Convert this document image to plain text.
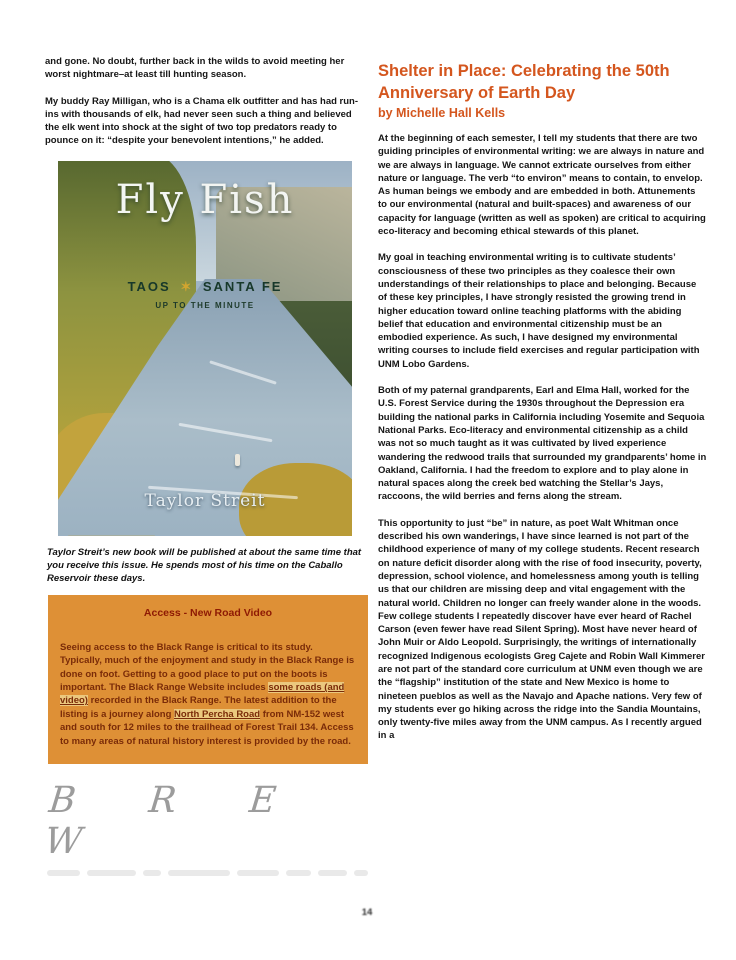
and gone. No doubt, further back in the wilds to avoid meeting her worst nightmare–at least till hunting season.

My buddy Ray Milligan, who is a Chama elk outfitter and has had run-ins with thousands of elk, had never seen such a thing and believed the elk went into shock at the sight of two top predators ready to pounce on it: “despite your benevolent intentions,” he added.

Fly Fish
TAOS ✶ SANTA FE
UP TO THE MINUTE
Taylor Streit

Taylor Streit’s new book will be published at about the same time that you receive this issue. He spends most of his time on the Caballo Reservoir these days.

Access - New Road Video

Seeing access to the Black Range is critical to its study. Typically, much of the enjoyment and study in the Black Range is done on foot. Getting to a good place to put on the boots is important. The Black Range Website includes some roads (and video) recorded in the Black Range. The latest addition to the listing is a journey along North Percha Road from NM-152 west and south for 12 miles to the trailhead of Forest Trail 134. Access to many areas of natural history interest is provided by the road.

B R E W
Shelter in Place: Celebrating the 50th Anniversary of Earth Day
by Michelle Hall Kells

At the beginning of each semester, I tell my students that there are two guiding principles of environmental writing: we are always in nature and we are always in language. We cannot extricate ourselves from either nature or language. The verb “to environ” means to contain, to envelop. As human beings we embody and are embedded in both. Attunements to our environmental (natural and built-spaces) and awareness of our capacity for language (written as well as spoken) are critical to acquiring eco-literacy and becoming ethical stewards of this planet.

My goal in teaching environmental writing is to cultivate students’ consciousness of these two principles as they coalesce their own understandings of their relationships to place and belonging. Because of these key principles, I have strongly resisted the growing trend in higher education toward online teaching platforms with the abiding belief that education and environmental citizenship must be an embodied experience. As such, I have designed my environmental writing courses to include field exercises and regular participation with UNM Lobo Gardens.

Both of my paternal grandparents, Earl and Elma Hall, worked for the U.S. Forest Service during the 1930s throughout the Depression era building the national parks in California including Yosemite and Sequoia National Parks. Eco-literacy and environmental citizenship as a child was not so much taught as it was cultivated by lived experience wandering the redwood trails that surrounded my grandparents’ home in Oakland, California. I had the freedom to explore and to play alone in natural spaces along the creek bed watching the Stellar’s Jays, raccoons, the wild berries and ferns along the stream.

This opportunity to just “be” in nature, as poet Walt Whitman once described his own wanderings, I have since learned is not part of the childhood experience of many of my college students. Recent research on nature deficit disorder along with the rise of food insecurity, poverty, depression, school violence, and homelessness among youth is telling us that our children are missing deep and vital engagement with the natural world. Children no longer can freely wander alone in the woods. Few college students I repeatedly discover have ever heard of Rachel Carson (even fewer have read Silent Spring). Most have never heard of John Muir or Aldo Leopold. Surprisingly, the writings of internationally recognized Indigenous ecologists Greg Cajete and Robin Wall Kimmerer are not part of the standard core curriculum at UNM even though we are the “flagship” institution of the state and New Mexico is home to nineteen pueblos as well as the Navajo and Apache nations. Very few of my students ever go hiking across the ridge into the Sandia Mountains, only twenty-five miles away from the UNM campus. As I recently argued in a

14
